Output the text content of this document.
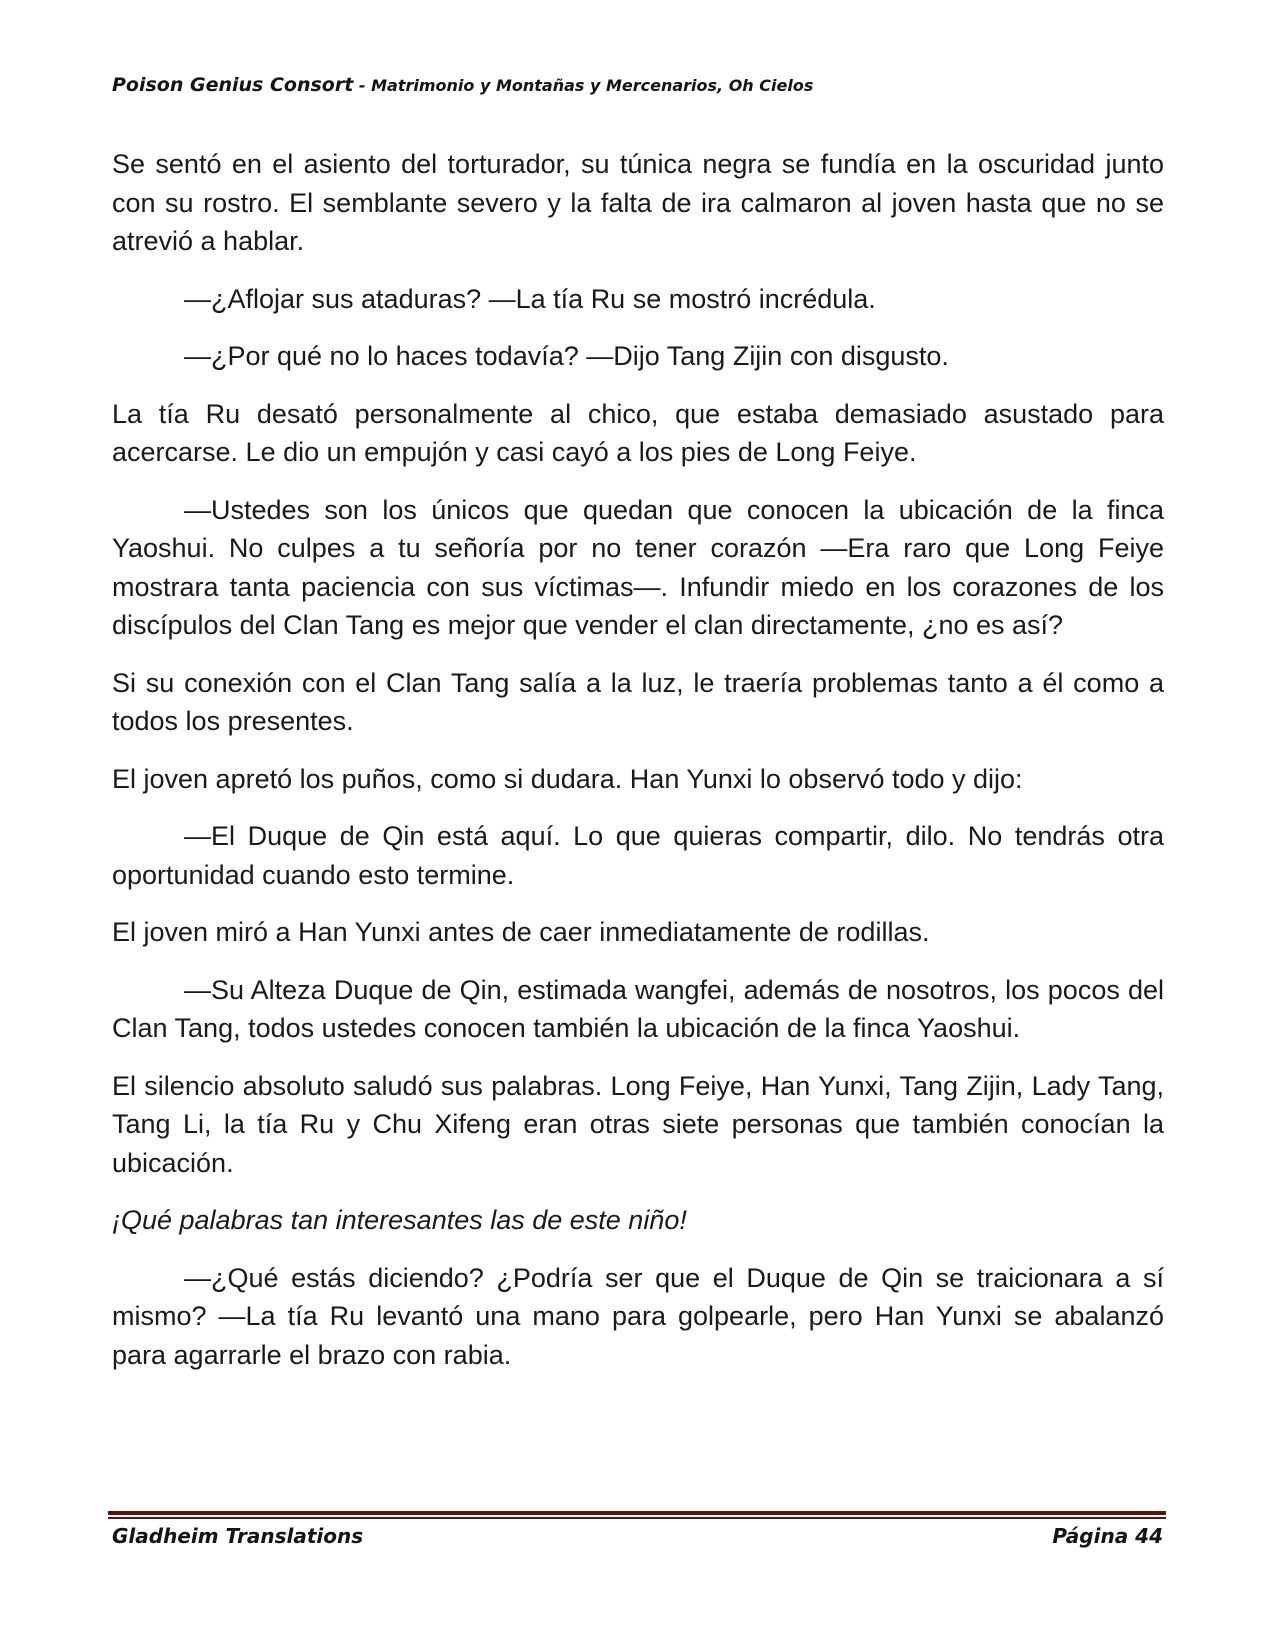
Poison Genius Consort - Matrimonio y Montañas y Mercenarios, Oh Cielos

Se sentó en el asiento del torturador, su túnica negra se fundía en la oscuridad junto con su rostro. El semblante severo y la falta de ira calmaron al joven hasta que no se atrevió a hablar.

—¿Aflojar sus ataduras? —La tía Ru se mostró incrédula.

—¿Por qué no lo haces todavía? —Dijo Tang Zijin con disgusto.

La tía Ru desató personalmente al chico, que estaba demasiado asustado para acercarse. Le dio un empujón y casi cayó a los pies de Long Feiye.

—Ustedes son los únicos que quedan que conocen la ubicación de la finca Yaoshui. No culpes a tu señoría por no tener corazón —Era raro que Long Feiye mostrara tanta paciencia con sus víctimas—. Infundir miedo en los corazones de los discípulos del Clan Tang es mejor que vender el clan directamente, ¿no es así?

Si su conexión con el Clan Tang salía a la luz, le traería problemas tanto a él como a todos los presentes.

El joven apretó los puños, como si dudara. Han Yunxi lo observó todo y dijo:

—El Duque de Qin está aquí. Lo que quieras compartir, dilo. No tendrás otra oportunidad cuando esto termine.

El joven miró a Han Yunxi antes de caer inmediatamente de rodillas.

—Su Alteza Duque de Qin, estimada wangfei, además de nosotros, los pocos del Clan Tang, todos ustedes conocen también la ubicación de la finca Yaoshui.

El silencio absoluto saludó sus palabras. Long Feiye, Han Yunxi, Tang Zijin, Lady Tang, Tang Li, la tía Ru y Chu Xifeng eran otras siete personas que también conocían la ubicación.

¡Qué palabras tan interesantes las de este niño!

—¿Qué estás diciendo? ¿Podría ser que el Duque de Qin se traicionara a sí mismo? —La tía Ru levantó una mano para golpearle, pero Han Yunxi se abalanzó para agarrarle el brazo con rabia.

Gladheim Translations	Página 44
